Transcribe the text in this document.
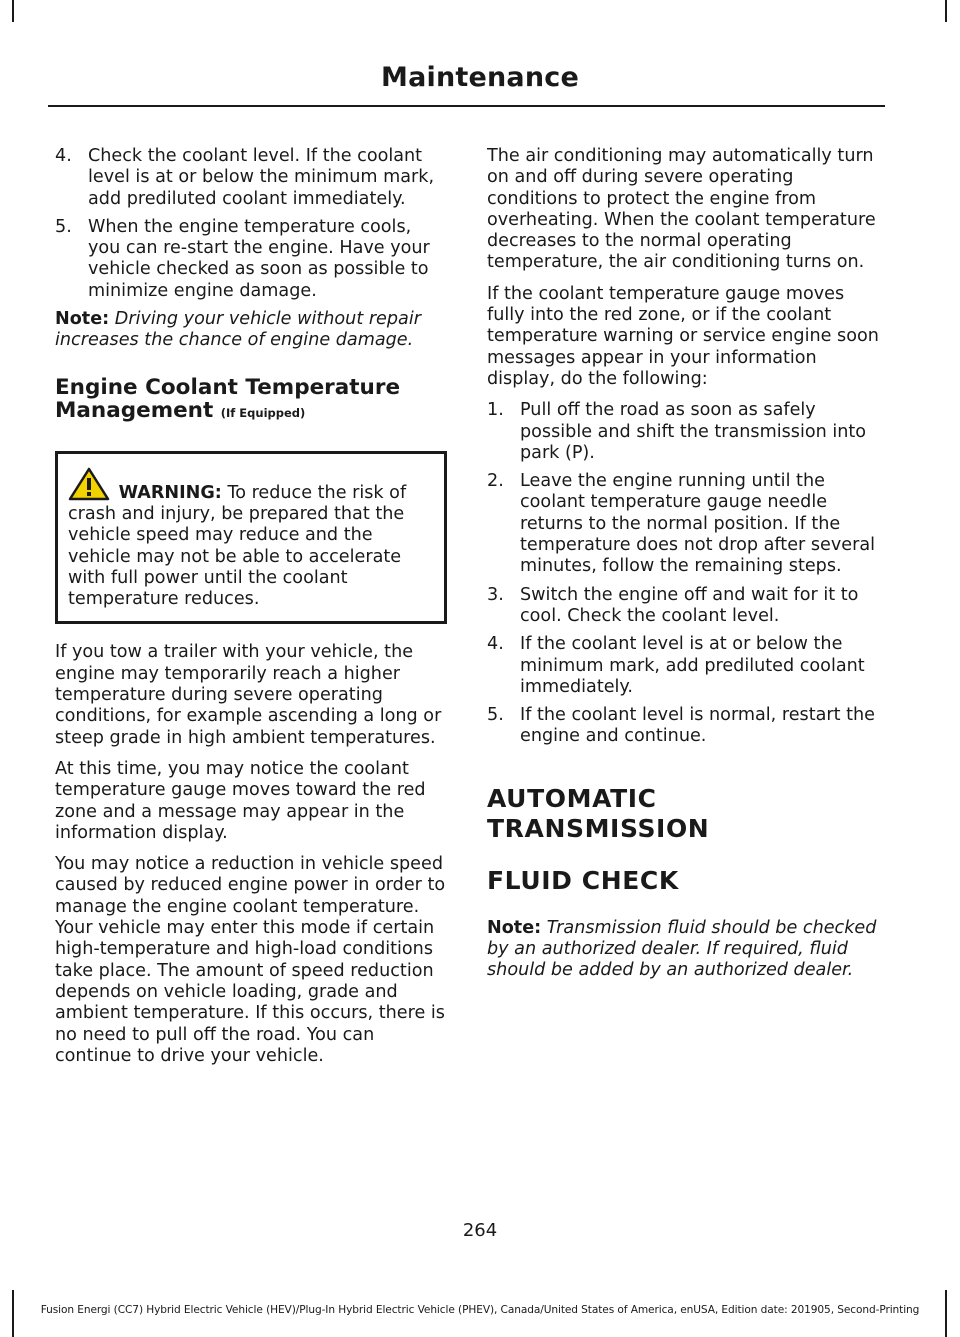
Maintenance
4. Check the coolant level. If the coolant level is at or below the minimum mark, add prediluted coolant immediately.
5. When the engine temperature cools, you can re-start the engine. Have your vehicle checked as soon as possible to minimize engine damage.

Note: Driving your vehicle without repair increases the chance of engine damage.

Engine Coolant Temperature Management (If Equipped)
WARNING: To reduce the risk of crash and injury, be prepared that the vehicle speed may reduce and the vehicle may not be able to accelerate with full power until the coolant temperature reduces.

If you tow a trailer with your vehicle, the engine may temporarily reach a higher temperature during severe operating conditions, for example ascending a long or steep grade in high ambient temperatures.

At this time, you may notice the coolant temperature gauge moves toward the red zone and a message may appear in the information display.

You may notice a reduction in vehicle speed caused by reduced engine power in order to manage the engine coolant temperature. Your vehicle may enter this mode if certain high-temperature and high-load conditions take place. The amount of speed reduction depends on vehicle loading, grade and ambient temperature. If this occurs, there is no need to pull off the road. You can continue to drive your vehicle.

The air conditioning may automatically turn on and off during severe operating conditions to protect the engine from overheating. When the coolant temperature decreases to the normal operating temperature, the air conditioning turns on.

If the coolant temperature gauge moves fully into the red zone, or if the coolant temperature warning or service engine soon messages appear in your information display, do the following:

1. Pull off the road as soon as safely possible and shift the transmission into park (P).
2. Leave the engine running until the coolant temperature gauge needle returns to the normal position. If the temperature does not drop after several minutes, follow the remaining steps.
3. Switch the engine off and wait for it to cool. Check the coolant level.
4. If the coolant level is at or below the minimum mark, add prediluted coolant immediately.
5. If the coolant level is normal, restart the engine and continue.
AUTOMATIC TRANSMISSION
FLUID CHECK

Note: Transmission fluid should be checked by an authorized dealer. If required, fluid should be added by an authorized dealer.

264
Fusion Energi (CC7) Hybrid Electric Vehicle (HEV)/Plug-In Hybrid Electric Vehicle (PHEV), Canada/United States of America, enUSA, Edition date: 201905, Second-Printing
